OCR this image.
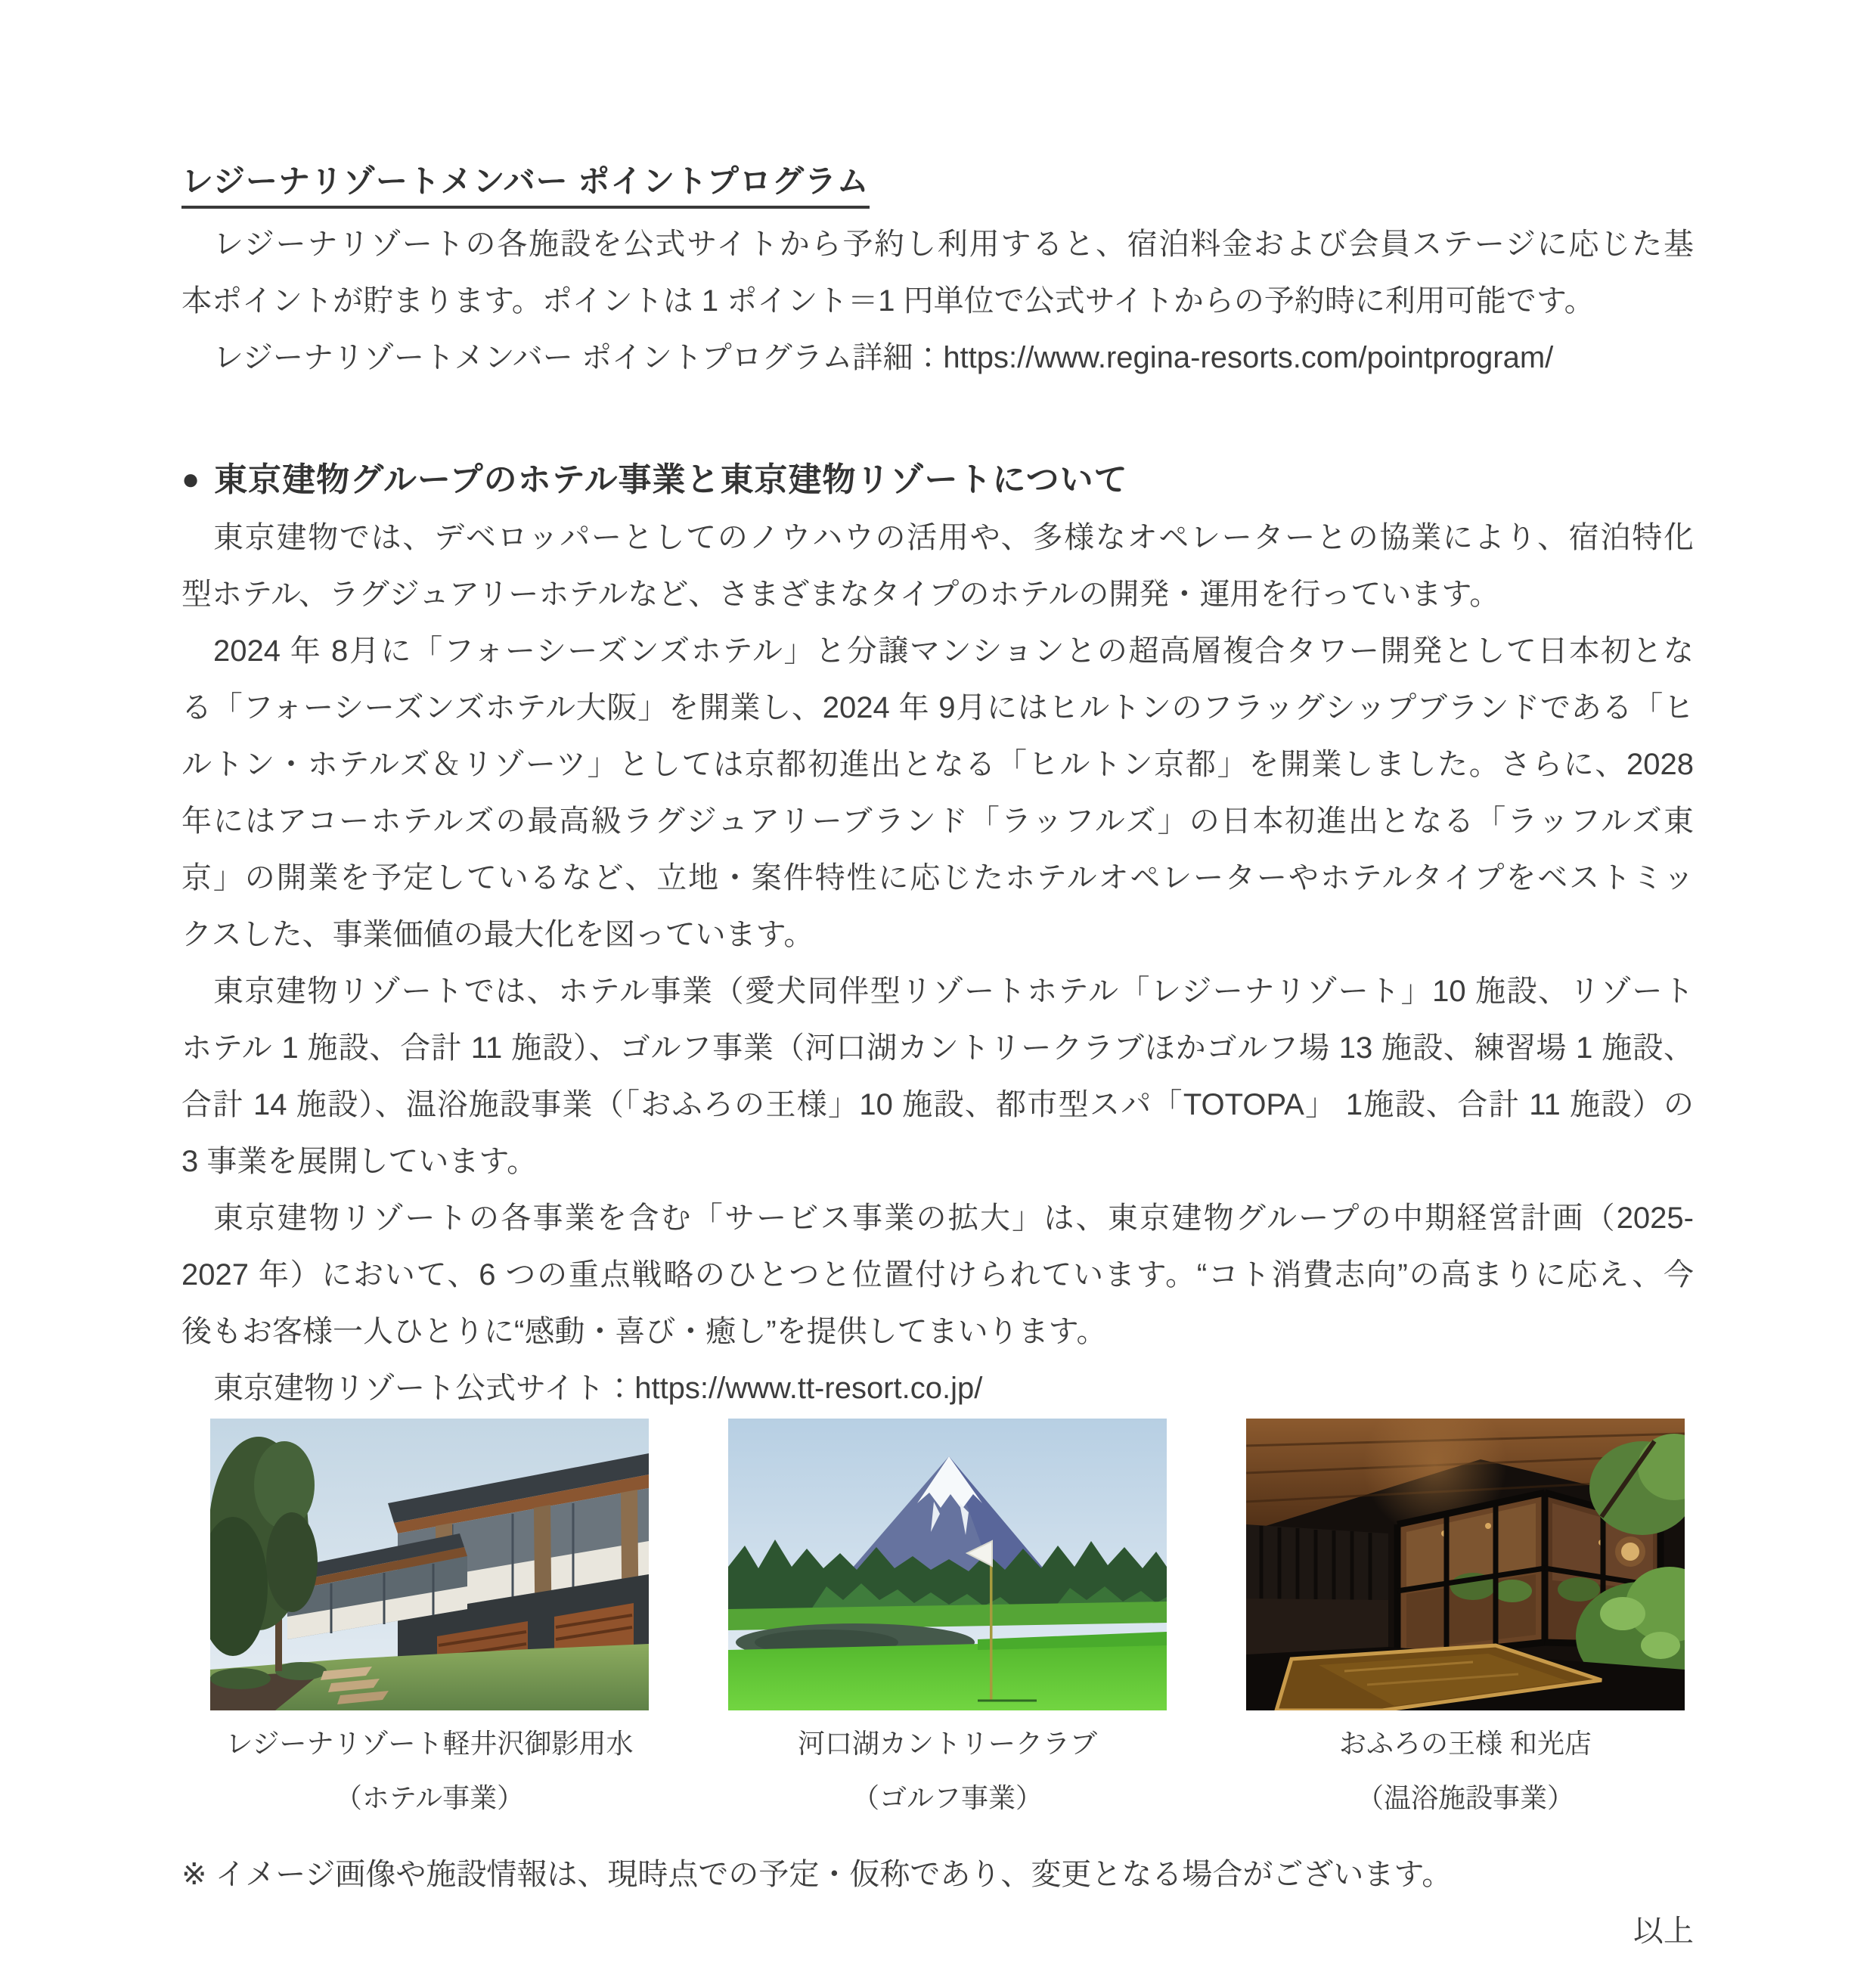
レジーナリゾートメンバー ポイントプログラム
レジーナリゾートの各施設を公式サイトから予約し利用すると、宿泊料金および会員ステージに応じた基
本ポイントが貯まります。ポイントは 1 ポイント＝1 円単位で公式サイトからの予約時に利用可能です。
レジーナリゾートメンバー ポイントプログラム詳細：https://www.regina-resorts.com/pointprogram/
● 東京建物グループのホテル事業と東京建物リゾートについて
東京建物では、デベロッパーとしてのノウハウの活用や、多様なオペレーターとの協業により、宿泊特化
型ホテル、ラグジュアリーホテルなど、さまざまなタイプのホテルの開発・運用を行っています。
2024 年 8月に「フォーシーズンズホテル」と分譲マンションとの超高層複合タワー開発として日本初とな
る「フォーシーズンズホテル大阪」を開業し、2024 年 9月にはヒルトンのフラッグシップブランドである「ヒ
ルトン・ホテルズ＆リゾーツ」としては京都初進出となる「ヒルトン京都」を開業しました。さらに、2028
年にはアコーホテルズの最高級ラグジュアリーブランド「ラッフルズ」の日本初進出となる「ラッフルズ東
京」の開業を予定しているなど、立地・案件特性に応じたホテルオペレーターやホテルタイプをベストミッ
クスした、事業価値の最大化を図っています。
東京建物リゾートでは、ホテル事業（愛犬同伴型リゾートホテル「レジーナリゾート」10 施設、リゾート
ホテル 1 施設、合計 11 施設）、ゴルフ事業（河口湖カントリークラブほかゴルフ場 13 施設、練習場 1 施設、
合計 14 施設）、温浴施設事業（「おふろの王様」10 施設、都市型スパ「TOTOPA」 1施設、合計 11 施設）の
3 事業を展開しています。
東京建物リゾートの各事業を含む「サービス事業の拡大」は、東京建物グループの中期経営計画（2025-
2027 年）において、6 つの重点戦略のひとつと位置付けられています。“コト消費志向”の高まりに応え、今
後もお客様一人ひとりに“感動・喜び・癒し”を提供してまいります。
東京建物リゾート公式サイト：https://www.tt-resort.co.jp/
レジーナリゾート軽井沢御影用水
（ホテル事業）
河口湖カントリークラブ
（ゴルフ事業）
おふろの王様 和光店
（温浴施設事業）
※ イメージ画像や施設情報は、現時点での予定・仮称であり、変更となる場合がございます。
以上
